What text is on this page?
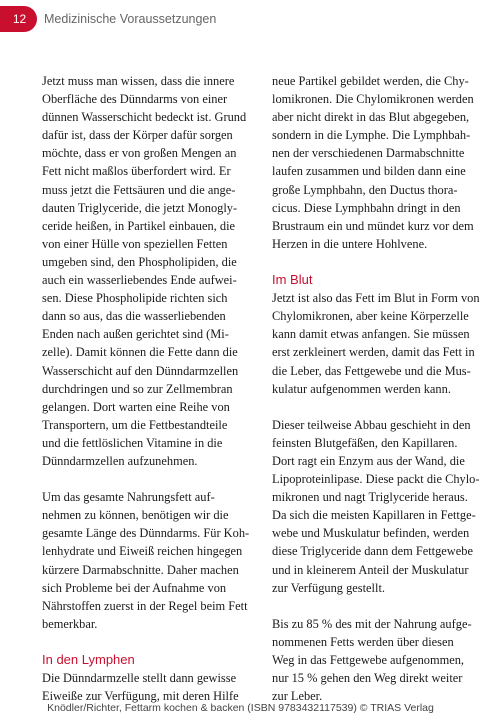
12	Medizinische Voraussetzungen
Jetzt muss man wissen, dass die innere
Oberfläche des Dünndarms von einer
dünnen Wasserschicht bedeckt ist. Grund
dafür ist, dass der Körper dafür sorgen
möchte, dass er von großen Mengen an
Fett nicht maßlos überfordert wird. Er
muss jetzt die Fettsäuren und die ange-
dauten Triglyceride, die jetzt Monogly-
ceride heißen, in Partikel einbauen, die
von einer Hülle von speziellen Fetten
umgeben sind, den Phospholipiden, die
auch ein wasserliebendes Ende aufwei-
sen. Diese Phospholipide richten sich
dann so aus, das die wasserliebenden
Enden nach außen gerichtet sind (Mi-
zelle). Damit können die Fette dann die
Wasserschicht auf den Dünndarmzellen
durchdringen und so zur Zellmembran
gelangen. Dort warten eine Reihe von
Transportern, um die Fettbestandteile
und die fettlöslichen Vitamine in die
Dünndarmzellen aufzunehmen.
Um das gesamte Nahrungsfett auf-
nehmen zu können, benötigen wir die
gesamte Länge des Dünndarms. Für Koh-
lenhydrate und Eiweiß reichen hingegen
kürzere Darmabschnitte. Daher machen
sich Probleme bei der Aufnahme von
Nährstoffen zuerst in der Regel beim Fett
bemerkbar.
In den Lymphen
Die Dünndarmzelle stellt dann gewisse
Eiweiße zur Verfügung, mit deren Hilfe
neue Partikel gebildet werden, die Chy-
lomikronen. Die Chylomikronen werden
aber nicht direkt in das Blut abgegeben,
sondern in die Lymphe. Die Lymphbah-
nen der verschiedenen Darmabschnitte
laufen zusammen und bilden dann eine
große Lymphbahn, den Ductus thora-
cicus. Diese Lymphbahn dringt in den
Brustraum ein und mündet kurz vor dem
Herzen in die untere Hohlvene.
Im Blut
Jetzt ist also das Fett im Blut in Form von
Chylomikronen, aber keine Körperzelle
kann damit etwas anfangen. Sie müssen
erst zerkleinert werden, damit das Fett in
die Leber, das Fettgewebe und die Mus-
kulatur aufgenommen werden kann.
Dieser teilweise Abbau geschieht in den
feinsten Blutgefäßen, den Kapillaren.
Dort ragt ein Enzym aus der Wand, die
Lipoproteinlipase. Diese packt die Chylo-
mikronen und nagt Triglyceride heraus.
Da sich die meisten Kapillaren in Fettge-
webe und Muskulatur befinden, werden
diese Triglyceride dann dem Fettgewebe
und in kleinerem Anteil der Muskulatur
zur Verfügung gestellt.
Bis zu 85 % des mit der Nahrung aufge-
nommenen Fetts werden über diesen
Weg in das Fettgewebe aufgenommen,
nur 15 % gehen den Weg direkt weiter
zur Leber.
Knödler/Richter, Fettarm kochen & backen (ISBN 9783432117539) © TRIAS Verlag
